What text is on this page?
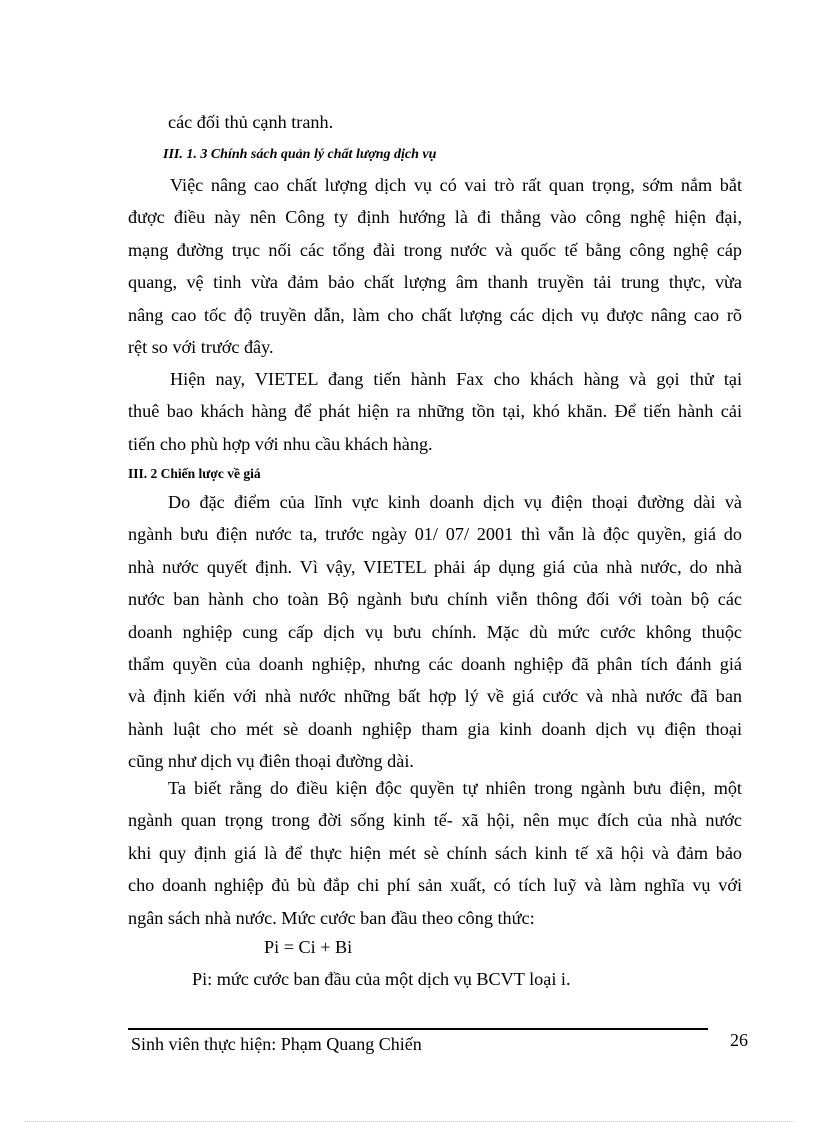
các đối thủ cạnh tranh.
III. 1. 3 Chính sách quản lý chất lượng dịch vụ
Việc nâng cao chất lượng dịch vụ có vai trò rất quan trọng, sớm nắm bắt
được điều này nên Công ty định hướng là đi thẳng vào công nghệ hiện đại,
mạng đường trục nối các tổng đài trong nước và quốc tế bằng công nghệ cáp
quang, vệ tinh vừa đảm bảo chất lượng âm thanh truyền tải trung thực, vừa
nâng cao tốc độ truyền dẫn, làm cho chất lượng các dịch vụ được nâng cao rõ
rệt so với trước đây.
Hiện nay, VIETEL đang tiến hành Fax cho khách hàng và gọi thử tại
thuê bao khách hàng để phát hiện ra những tồn tại, khó khăn. Để tiến hành cải
tiến cho phù hợp với nhu cầu khách hàng.
III. 2 Chiến lược về giá
Do đặc điểm của lĩnh vực kinh doanh dịch vụ điện thoại đường dài và
ngành bưu điện nước ta, trước ngày 01/ 07/ 2001 thì vẫn là độc quyền, giá do
nhà nước quyết định. Vì vậy, VIETEL phải áp dụng giá của nhà nước, do nhà
nước ban hành cho toàn Bộ ngành bưu chính viễn thông đối với toàn bộ các
doanh nghiệp cung cấp dịch vụ bưu chính. Mặc dù mức cước không thuộc
thẩm quyền của doanh nghiệp, nhưng các doanh nghiệp đã phân tích đánh giá
và định kiến với nhà nước những bất hợp lý về giá cước và nhà nước đã ban
hành luật cho mét sè doanh nghiệp tham gia kinh doanh dịch vụ điện thoại
cũng như dịch vụ điên thoại đường dài.
Ta biết rằng do điều kiện độc quyền tự nhiên trong ngành bưu điện, một
ngành quan trọng trong đời sống kinh tế- xã hội, nên mục đích của nhà nước
khi quy định giá là để thực hiện mét sè chính sách kinh tế xã hội và đảm bảo
cho doanh nghiệp đủ bù đắp chi phí sản xuất, có tích luỹ và làm nghĩa vụ với
ngân sách nhà nước. Mức cước ban đầu theo công thức:
Pi = Ci + Bi
Pi: mức cước ban đầu của một dịch vụ BCVT loại i.
Sinh viên thực hiện: Phạm Quang Chiến	26
